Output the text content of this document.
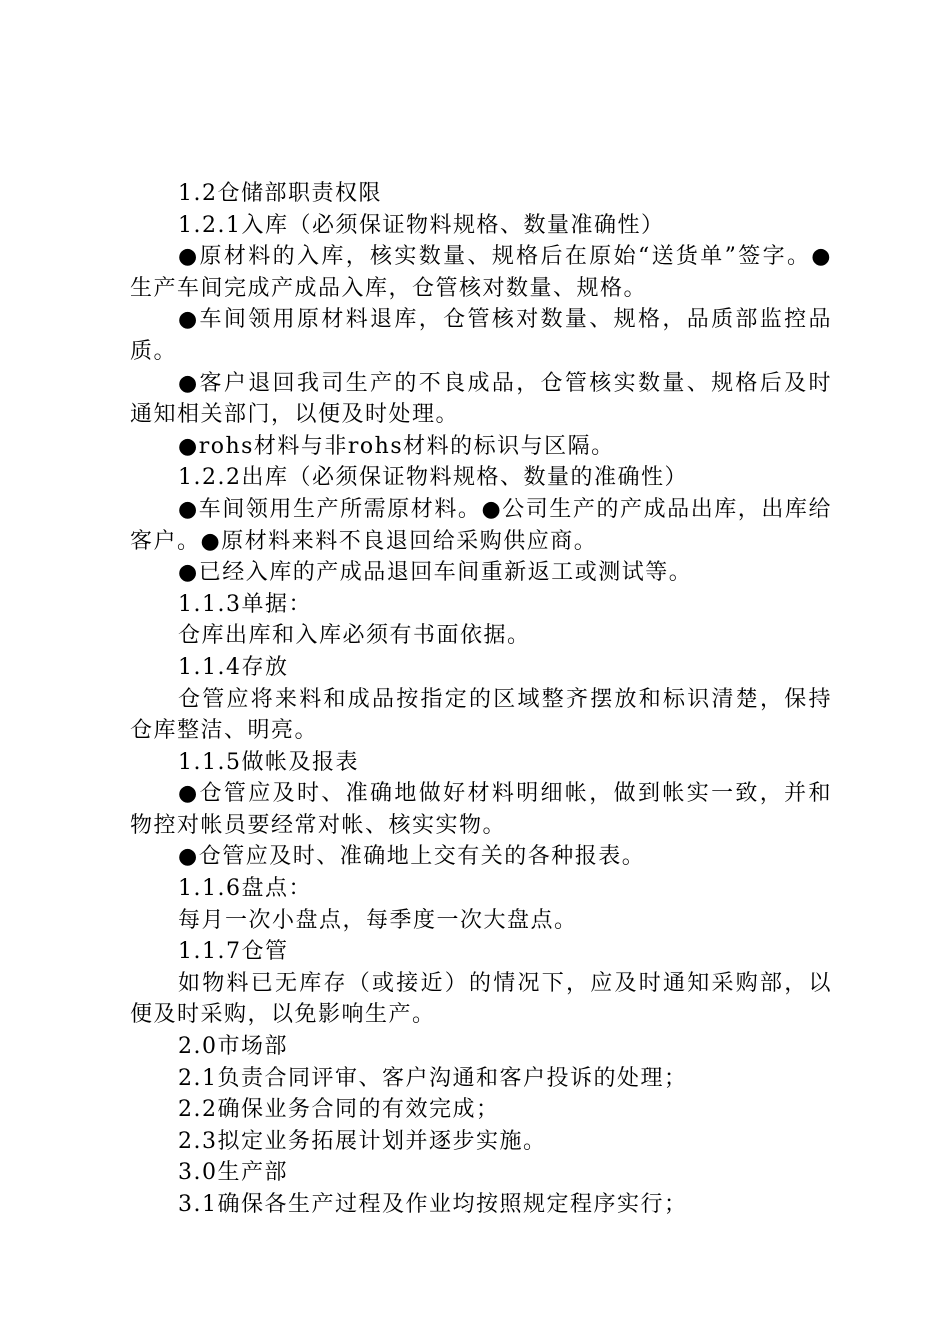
1.2仓储部职责权限

1.2.1入库（必须保证物料规格、数量准确性）

●原材料的入库，核实数量、规格后在原始“送货单”签字。●生产车间完成产成品入库，仓管核对数量、规格。

●车间领用原材料退库，仓管核对数量、规格，品质部监控品质。

●客户退回我司生产的不良成品，仓管核实数量、规格后及时通知相关部门，以便及时处理。

●rohs材料与非rohs材料的标识与区隔。

1.2.2出库（必须保证物料规格、数量的准确性）

●车间领用生产所需原材料。●公司生产的产成品出库，出库给客户。●原材料来料不良退回给采购供应商。

●已经入库的产成品退回车间重新返工或测试等。

1.1.3单据：

仓库出库和入库必须有书面依据。

1.1.4存放

仓管应将来料和成品按指定的区域整齐摆放和标识清楚，保持仓库整洁、明亮。

1.1.5做帐及报表

●仓管应及时、准确地做好材料明细帐，做到帐实一致，并和物控对帐员要经常对帐、核实实物。

●仓管应及时、准确地上交有关的各种报表。

1.1.6盘点：

每月一次小盘点，每季度一次大盘点。

1.1.7仓管

如物料已无库存（或接近）的情况下，应及时通知采购部，以便及时采购，以免影响生产。

2.0市场部

2.1负责合同评审、客户沟通和客户投诉的处理；

2.2确保业务合同的有效完成；

2.3拟定业务拓展计划并逐步实施。

3.0生产部

3.1确保各生产过程及作业均按照规定程序实行；
